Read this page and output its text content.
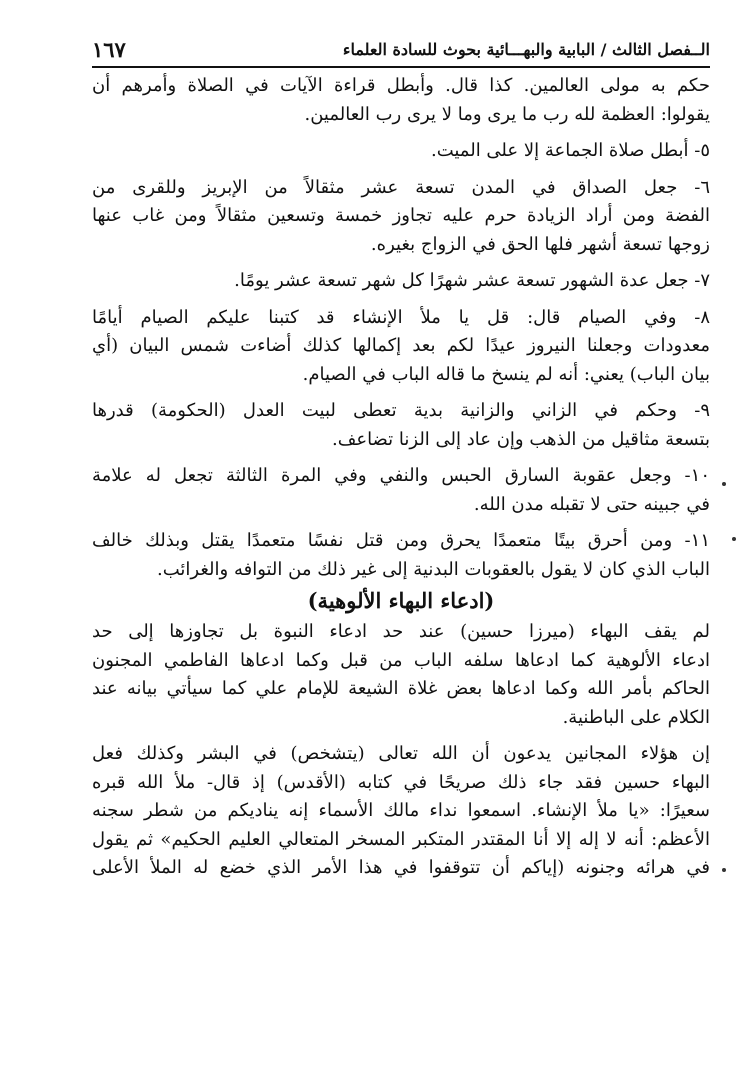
الــفصل الثالث / البابية والبهـــائية بحوث للسادة العلماء
١٦٧
حكم به مولى العالمين. كذا قال. وأبطل قراءة الآيات في الصلاة وأمرهم أن
يقولوا: العظمة لله رب ما يرى وما لا يرى رب العالمين.
٥- أبطل صلاة الجماعة إلا على الميت.
٦- جعل الصداق في المدن تسعة عشر مثقالاً من الإبريز وللقرى من
الفضة ومن أراد الزيادة حرم عليه تجاوز خمسة وتسعين مثقالاً ومن غاب عنها
زوجها تسعة أشهر فلها الحق في الزواج بغيره.
٧- جعل عدة الشهور تسعة عشر شهرًا كل شهر تسعة عشر يومًا.
٨- وفي الصيام قال: قل يا ملأ الإنشاء قد كتبنا عليكم الصيام أيامًا
معدودات وجعلنا النيروز عيدًا لكم بعد إكمالها كذلك أضاءت شمس البيان (أي
بيان الباب) يعني: أنه لم ينسخ ما قاله الباب في الصيام.
٩- وحكم في الزاني والزانية بدية تعطى لبيت العدل (الحكومة) قدرها
بتسعة مثاقيل من الذهب وإن عاد إلى الزنا تضاعف.
١٠- وجعل عقوبة السارق الحبس والنفي وفي المرة الثالثة تجعل له علامة
في جبينه حتى لا تقبله مدن الله.
١١- ومن أحرق بيتًا متعمدًا يحرق ومن قتل نفسًا متعمدًا يقتل وبذلك خالف
الباب الذي كان لا يقول بالعقوبات البدنية إلى غير ذلك من التوافه والغرائب.
(ادعاء البهاء الألوهية)
لم يقف البهاء (ميرزا حسين) عند حد ادعاء النبوة بل تجاوزها إلى حد
ادعاء الألوهية كما ادعاها سلفه الباب من قبل وكما ادعاها الفاطمي المجنون
الحاكم بأمر الله وكما ادعاها بعض غلاة الشيعة للإمام علي كما سيأتي بيانه عند
الكلام على الباطنية.
إن هؤلاء المجانين يدعون أن الله تعالى (يتشخص) في البشر وكذلك فعل
البهاء حسين فقد جاء ذلك صريحًا في كتابه (الأقدس) إذ قال- ملأ الله قبره
سعيرًا: «يا ملأ الإنشاء. اسمعوا نداء مالك الأسماء إنه يناديكم من شطر سجنه
الأعظم: أنه لا إله إلا أنا المقتدر المتكبر المسخر المتعالي العليم الحكيم» ثم يقول
في هرائه وجنونه (إياكم أن تتوقفوا في هذا الأمر الذي خضع له الملأ الأعلى
